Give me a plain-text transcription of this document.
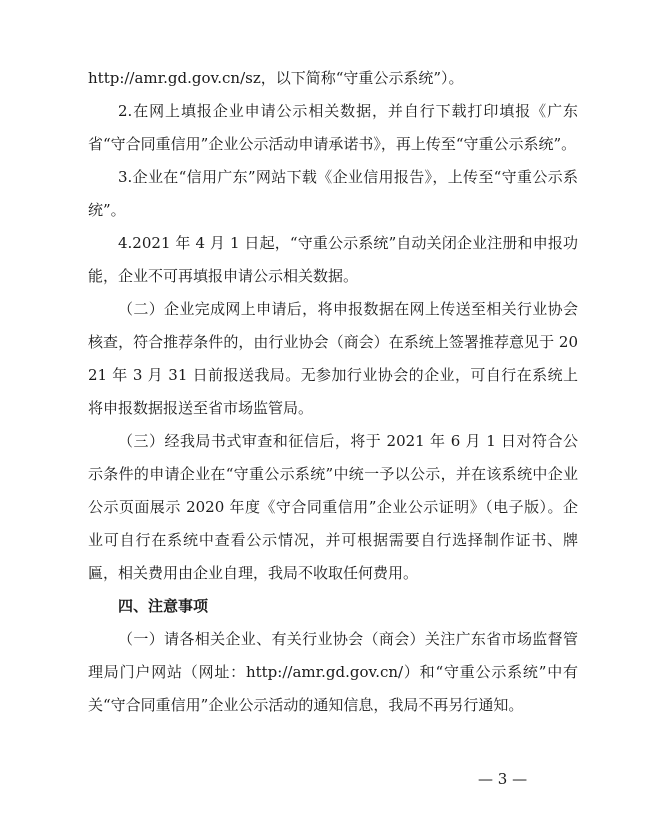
http://amr.gd.gov.cn/sz，以下简称“守重公示系统”）。

2.在网上填报企业申请公示相关数据，并自行下载打印填报《广东省“守合同重信用”企业公示活动申请承诺书》，再上传至“守重公示系统”。

3.企业在“信用广东”网站下载《企业信用报告》，上传至“守重公示系统”。

4.2021 年 4 月 1 日起，“守重公示系统”自动关闭企业注册和申报功能，企业不可再填报申请公示相关数据。

（二）企业完成网上申请后，将申报数据在网上传送至相关行业协会核查，符合推荐条件的，由行业协会（商会）在系统上签署推荐意见于 2021 年 3 月 31 日前报送我局。无参加行业协会的企业，可自行在系统上将申报数据报送至省市场监管局。

（三）经我局书式审查和征信后，将于 2021 年 6 月 1 日对符合公示条件的申请企业在“守重公示系统”中统一予以公示，并在该系统中企业公示页面展示 2020 年度《守合同重信用”企业公示证明》（电子版）。企业可自行在系统中查看公示情况，并可根据需要自行选择制作证书、牌匾，相关费用由企业自理，我局不收取任何费用。

四、注意事项

（一）请各相关企业、有关行业协会（商会）关注广东省市场监督管理局门户网站（网址：http://amr.gd.gov.cn/）和“守重公示系统”中有关“守合同重信用”企业公示活动的通知信息，我局不再另行通知。

— 3 —
